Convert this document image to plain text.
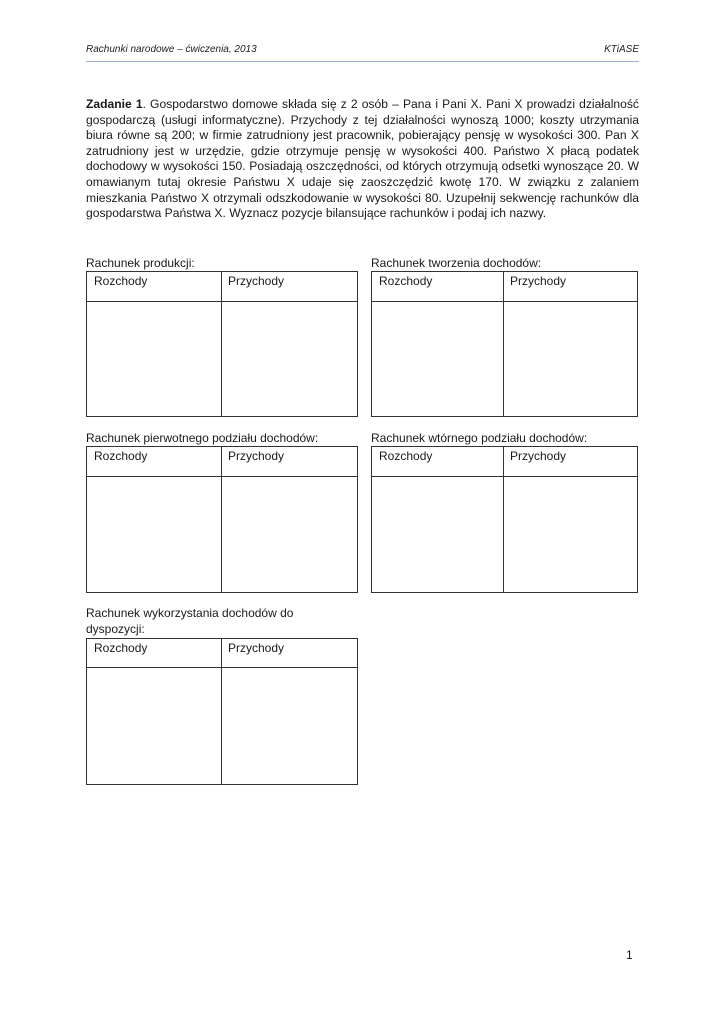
Rachunki narodowe – ćwiczenia, 2013	KTiASE
Zadanie 1. Gospodarstwo domowe składa się z 2 osób – Pana i Pani X. Pani X prowadzi działalność gospodarczą (usługi informatyczne). Przychody z tej działalności wynoszą 1000; koszty utrzymania biura równe są 200; w firmie zatrudniony jest pracownik, pobierający pensję w wysokości 300. Pan X zatrudniony jest w urzędzie, gdzie otrzymuje pensję w wysokości 400. Państwo X płacą podatek dochodowy w wysokości 150. Posiadają oszczędności, od których otrzymują odsetki wynoszące 20. W omawianym tutaj okresie Państwu X udaje się zaoszczędzić kwotę 170. W związku z zalaniem mieszkania Państwo X otrzymali odszkodowanie w wysokości 80. Uzupełnij sekwencję rachunków dla gospodarstwa Państwa X. Wyznacz pozycje bilansujące rachunków i podaj ich nazwy.
Rachunek produkcji:
Rozchody	Przychody
Rachunek tworzenia dochodów:
Rozchody	Przychody
Rachunek pierwotnego podziału dochodów:
Rozchody	Przychody
Rachunek wtórnego podziału dochodów:
Rozchody	Przychody
Rachunek wykorzystania dochodów do
dyspozycji:
Rozchody	Przychody
1
